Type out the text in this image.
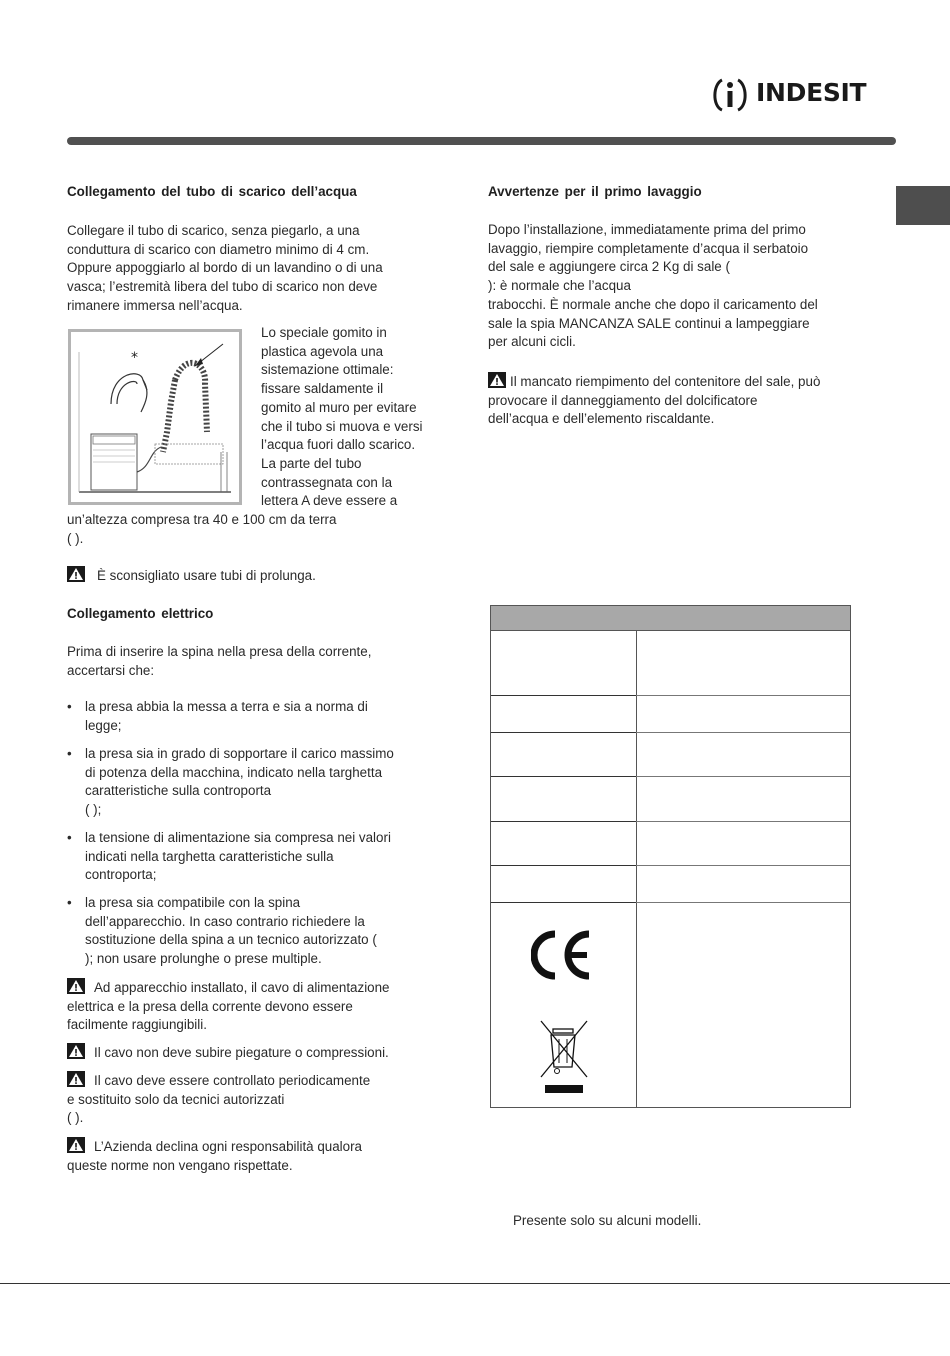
INDESIT
Collegamento del tubo di scarico dell’acqua
Collegare il tubo di scarico, senza piegarlo, a una
conduttura di scarico con diametro minimo di 4 cm.
Oppure appoggiarlo al bordo di un lavandino o di una
vasca; l’estremità libera del tubo di scarico non deve
rimanere immersa nell’acqua.
*
Lo speciale gomito in
plastica agevola una
sistemazione ottimale:
fissare saldamente il
gomito al muro per evitare
che il tubo si muova e versi
l’acqua fuori dallo scarico.
La parte del tubo
contrassegnata con la
lettera A deve essere a
un’altezza compresa tra 40 e 100 cm da terra
( ).
È sconsigliato usare tubi di prolunga.
Collegamento elettrico
Prima di inserire la spina nella presa della corrente,
accertarsi che:
• la presa abbia la messa a terra e sia a norma di
legge;
• la presa sia in grado di sopportare il carico massimo
di potenza della macchina, indicato nella targhetta
caratteristiche sulla controporta
( );
• la tensione di alimentazione sia compresa nei valori
indicati nella targhetta caratteristiche sulla
controporta;
• la presa sia compatibile con la spina
dell’apparecchio. In caso contrario richiedere la
sostituzione della spina a un tecnico autorizzato (
); non usare prolunghe o prese multiple.
Ad apparecchio installato, il cavo di alimentazione
elettrica e la presa della corrente devono essere
facilmente raggiungibili.
Il cavo non deve subire piegature o compressioni.
Il cavo deve essere controllato periodicamente
e sostituito solo da tecnici autorizzati
( ).
L’Azienda declina ogni responsabilità qualora
queste norme non vengano rispettate.
Avvertenze per il primo lavaggio
Dopo l’installazione, immediatamente prima del primo
lavaggio, riempire completamente d’acqua il serbatoio
del sale e aggiungere circa 2 Kg di sale (
): è normale che l’acqua
trabocchi. È normale anche che dopo il caricamento del
sale la spia MANCANZA SALE continui a lampeggiare
per alcuni cicli.
Il mancato riempimento del contenitore del sale, può
provocare il danneggiamento del dolcificatore
dell’acqua e dell’elemento riscaldante.
Presente solo su alcuni modelli.
